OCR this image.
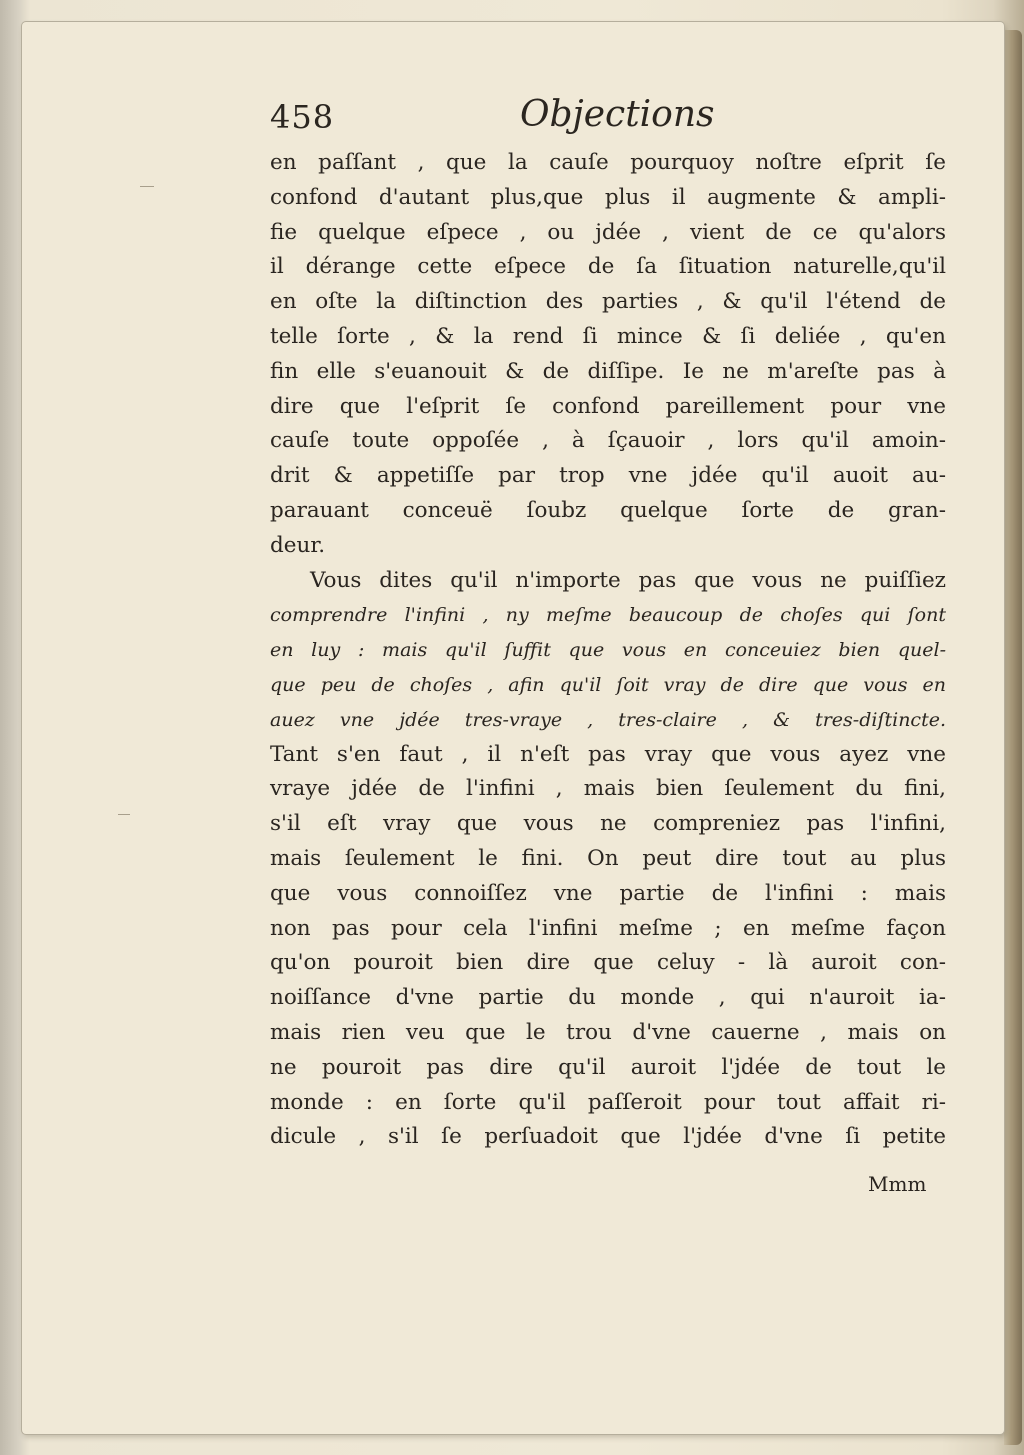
458	Objections
en paſſant , que la cauſe pourquoy noſtre eſprit ſe
confond d'autant plus,que plus il augmente & ampli-
fie quelque eſpece , ou jdée , vient de ce qu'alors
il dérange cette eſpece de ſa ſituation naturelle,qu'il
en oſte la diſtinction des parties , & qu'il l'étend de
telle ſorte , & la rend ſi mince & ſi deliée , qu'en
fin elle s'euanouit & de diſſipe. Ie ne m'areſte pas à
dire que l'eſprit ſe confond pareillement pour vne
cauſe toute oppoſée , à ſçauoir , lors qu'il amoin-
drit & appetiſſe par trop vne jdée qu'il auoit au-
parauant conceuë ſoubz quelque ſorte de gran-
deur.
Vous dites qu'il n'importe pas que vous ne puiſſiez
comprendre l'infini , ny meſme beaucoup de choſes qui ſont
en luy : mais qu'il ſuffit que vous en conceuiez bien quel-
que peu de choſes , afin qu'il ſoit vray de dire que vous en
auez vne jdée tres-vraye , tres-claire , & tres-diſtincte.
Tant s'en faut , il n'eſt pas vray que vous ayez vne
vraye jdée de l'infini , mais bien ſeulement du fini,
s'il eſt vray que vous ne compreniez pas l'infini,
mais ſeulement le fini. On peut dire tout au plus
que vous connoiſſez vne partie de l'infini : mais
non pas pour cela l'infini meſme ; en meſme façon
qu'on pouroit bien dire que celuy - là auroit con-
noiſſance d'vne partie du monde , qui n'auroit ia-
mais rien veu que le trou d'vne cauerne , mais on
ne pouroit pas dire qu'il auroit l'jdée de tout le
monde : en ſorte qu'il paſſeroit pour tout affait ri-
dicule , s'il ſe perſuadoit que l'jdée d'vne ſi petite
Mmm
